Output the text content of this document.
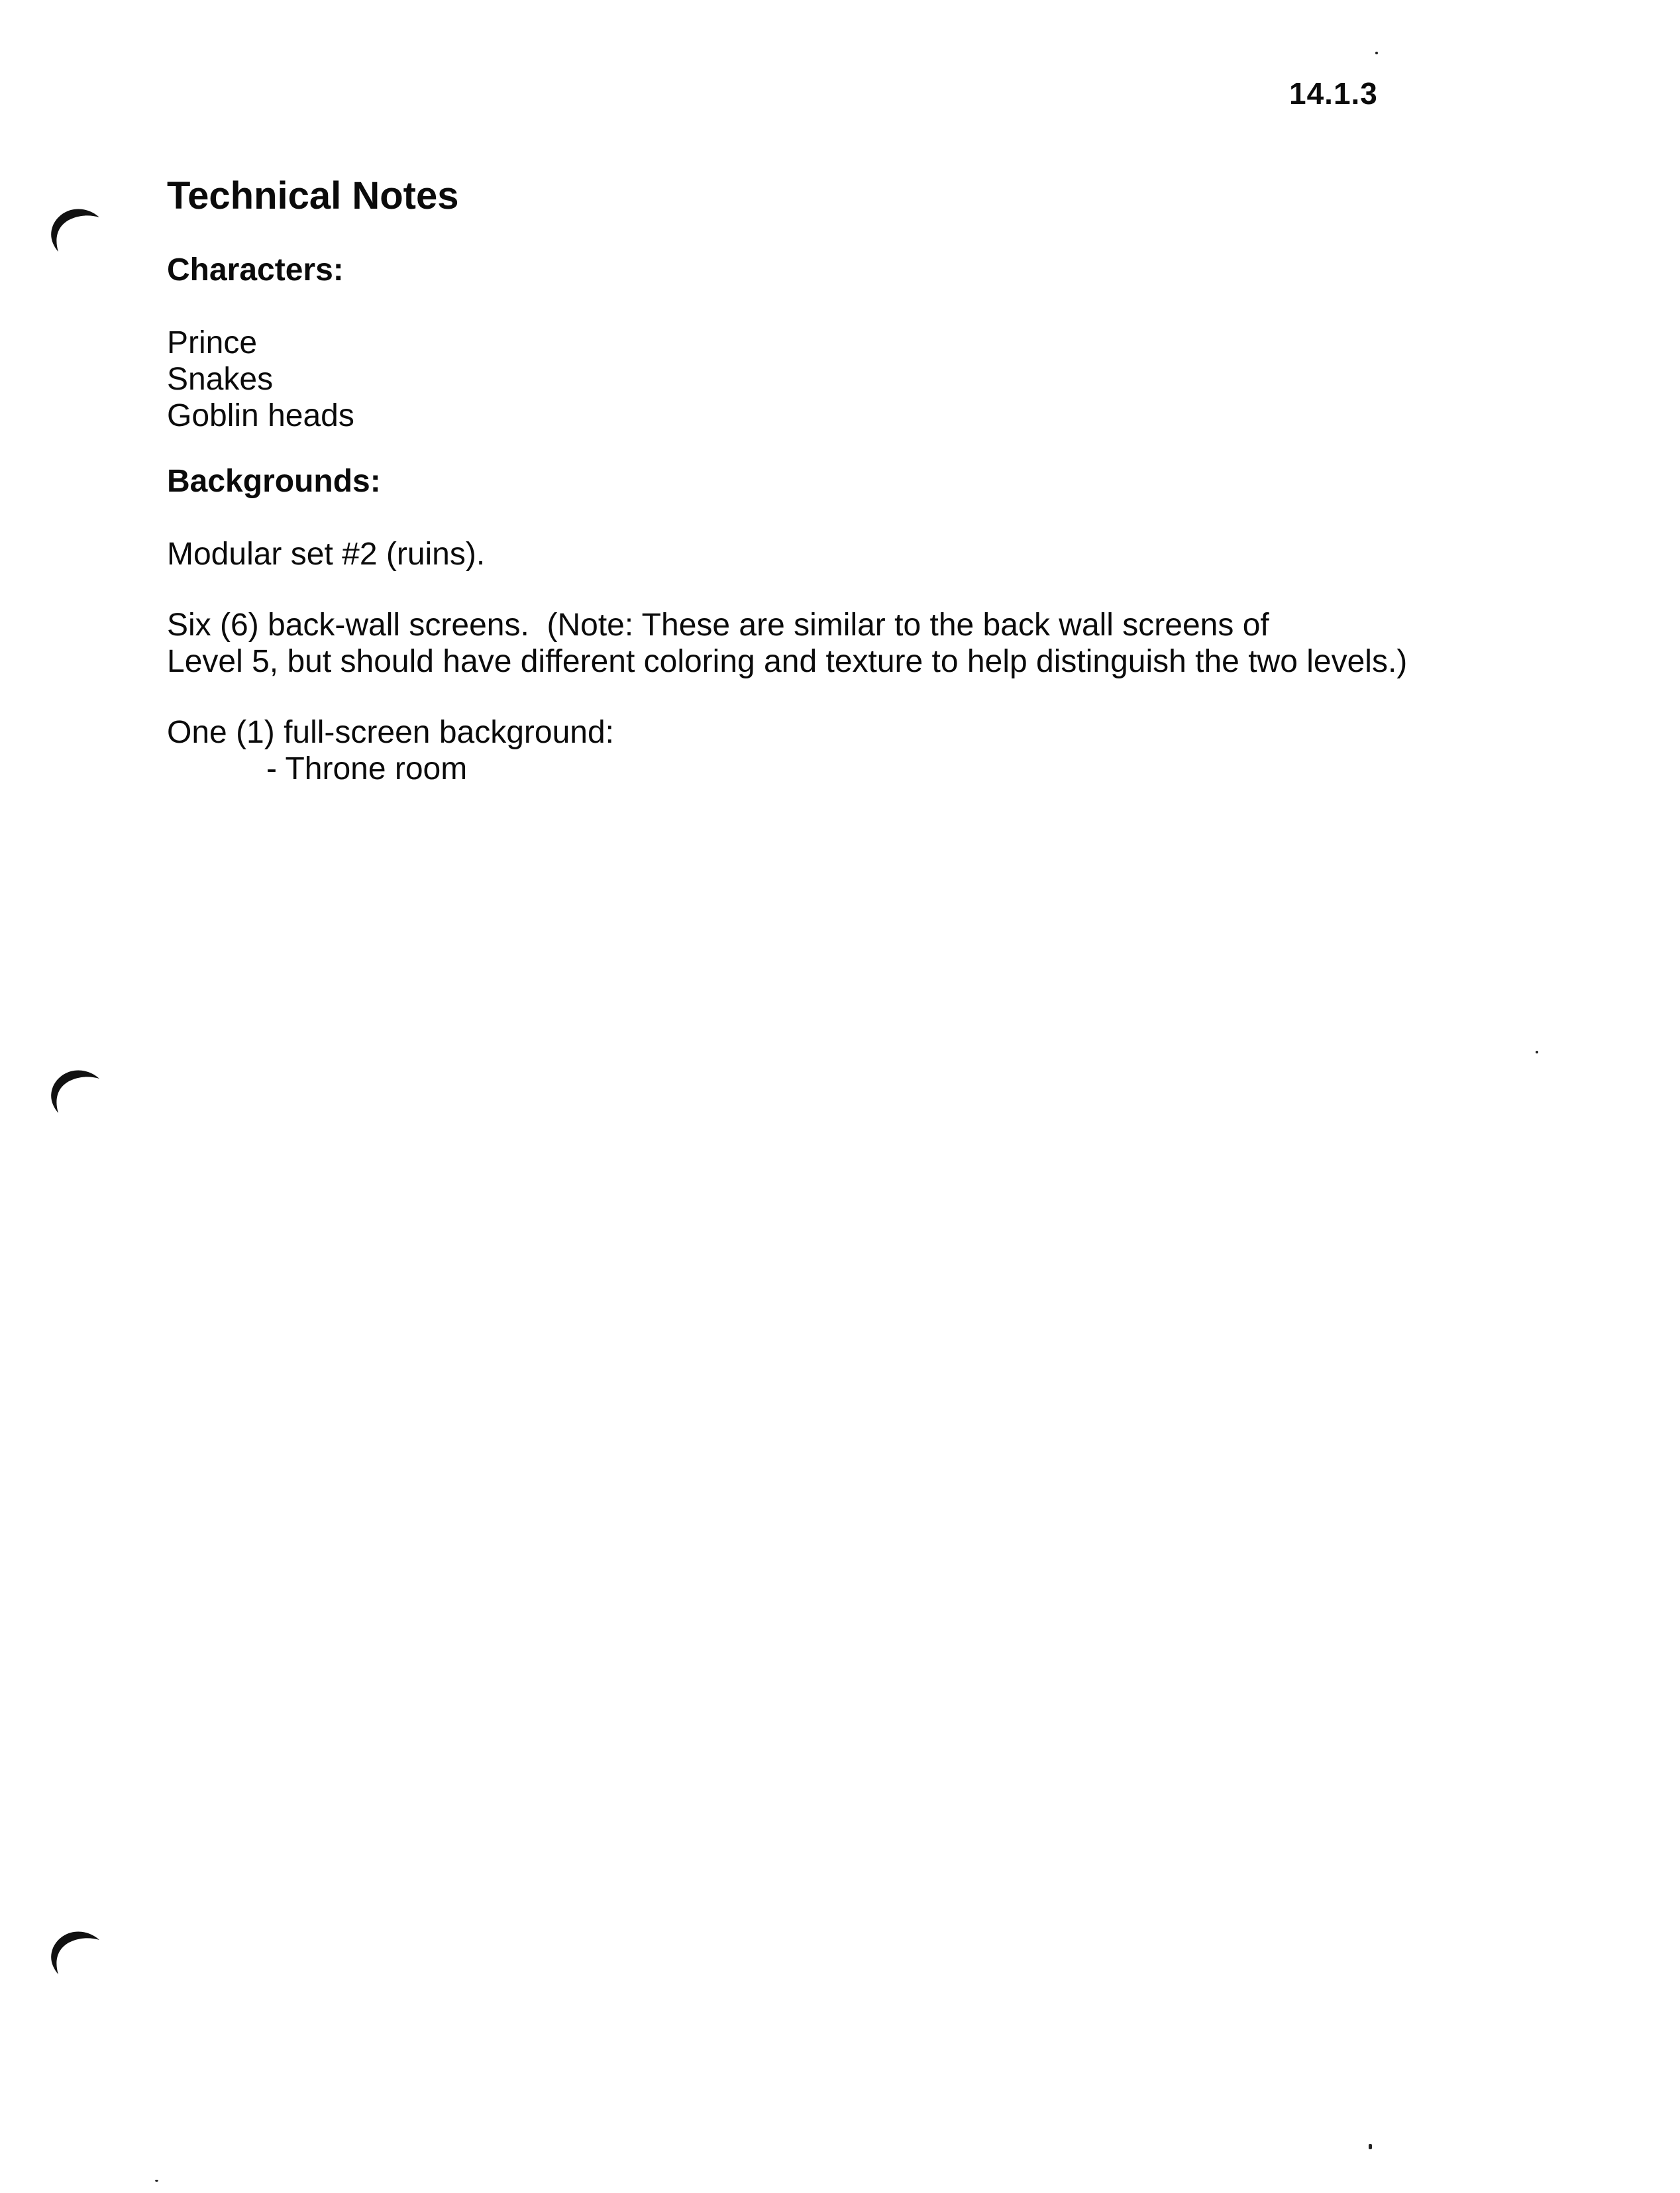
14.1.3
Technical Notes
Characters:
Prince
Snakes
Goblin heads
Backgrounds:

Modular set #2 (ruins).

Six (6) back-wall screens.  (Note: These are similar to the back wall screens of
Level 5, but should have different coloring and texture to help distinguish the two levels.)

One (1) full-screen background:
- Throne room
